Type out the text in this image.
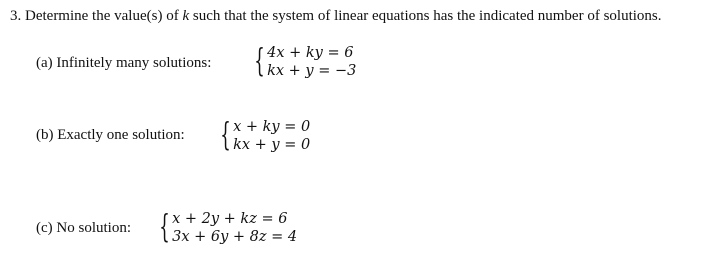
3. Determine the value(s) of k such that the system of linear equations has the indicated number of solutions.
(a) Infinitely many solutions: { 4x + ky = 6
kx + y = −3
(b) Exactly one solution: { x + ky = 0
kx + y = 0
(c) No solution: { x + 2y + kz = 6
3x + 6y + 8z = 4
